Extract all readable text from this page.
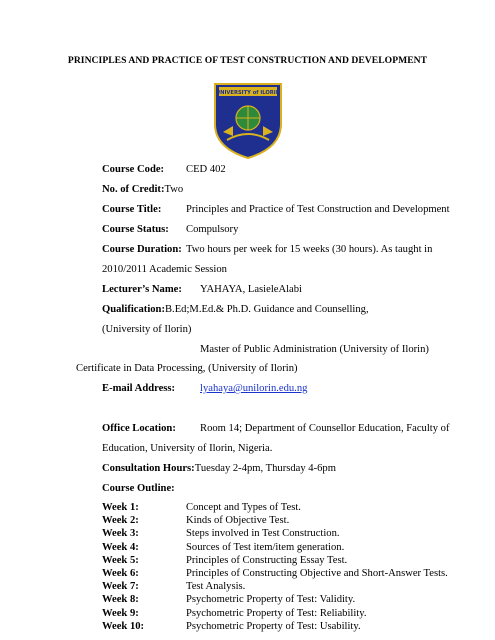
PRINCIPLES AND PRACTICE OF TEST CONSTRUCTION AND DEVELOPMENT
UNIVERSITY of ILORIN
Course Code: CED 402
No. of Credit:Two
Course Title: Principles and Practice of Test Construction and Development
Course Status: Compulsory
Course Duration: Two hours per week for 15 weeks (30 hours). As taught in
2010/2011 Academic Session
Lecturer’s Name: YAHAYA, LasieleAlabi
Qualification:B.Ed;M.Ed.& Ph.D. Guidance and Counselling,
(University of Ilorin)
Master of Public Administration (University of Ilorin)
Certificate in Data Processing, (University of Ilorin)
E-mail Address: lyahaya@unilorin.edu.ng
Office Location: Room 14; Department of Counsellor Education, Faculty of
Education, University of Ilorin, Nigeria.
Consultation Hours:Tuesday 2-4pm, Thursday 4-6pm
Course Outline:
Week 1:	Concept and Types of Test.
Week 2:	Kinds of Objective Test.
Week 3:	Steps involved in Test Construction.
Week 4:	Sources of Test item/item generation.
Week 5:	Principles of Constructing Essay Test.
Week 6:	Principles of Constructing Objective and Short-Answer Tests.
Week 7:	Test Analysis.
Week 8:	Psychometric Property of Test: Validity.
Week 9:	Psychometric Property of Test: Reliability.
Week 10:	Psychometric Property of Test: Usability.
